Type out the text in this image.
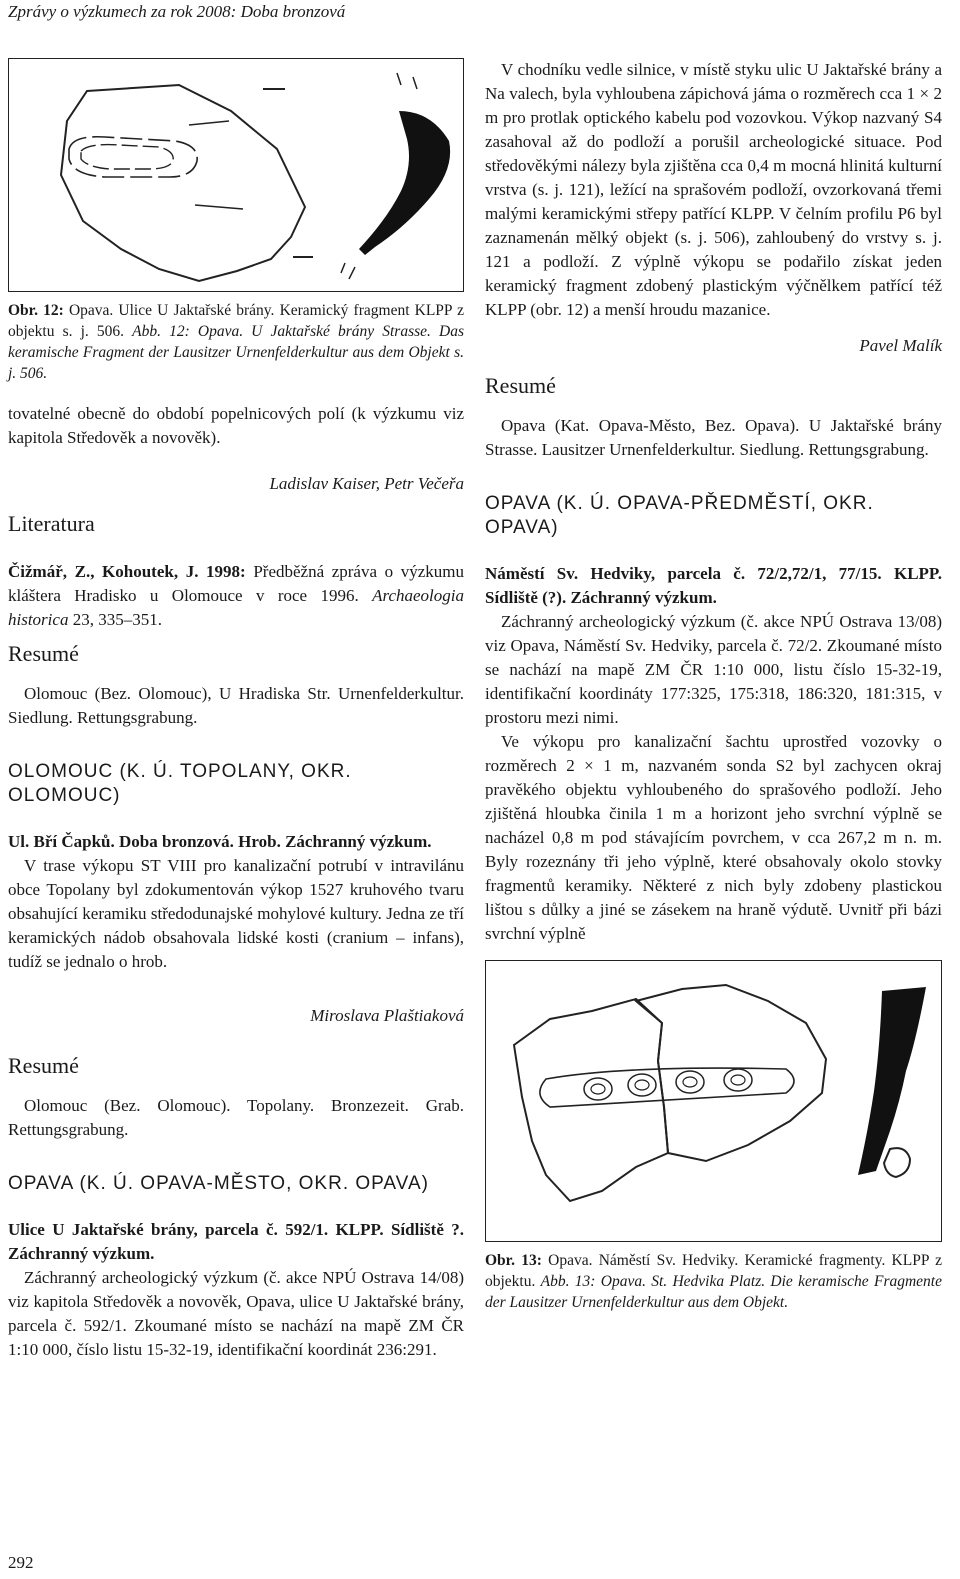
Zprávy o výzkumech za rok 2008: Doba bronzová

Obr. 12: Opava. Ulice U Jaktařské brány. Keramický fragment KLPP z objektu s. j. 506. Abb. 12: Opava. U Jaktařské brány Strasse. Das keramische Fragment der Lausitzer Urnenfelderkultur aus dem Objekt s. j. 506.

tovatelné obecně do období popelnicových polí (k výzkumu viz kapitola Středověk a novověk).

Ladislav Kaiser, Petr Večeřa

Literatura

Čižmář, Z., Kohoutek, J. 1998: Předběžná zpráva o výzkumu kláštera Hradisko u Olomouce v roce 1996. Archaeologia historica 23, 335–351.

Resumé

Olomouc (Bez. Olomouc), U Hradiska Str. Urnenfelderkultur. Siedlung. Rettungsgrabung.

OLOMOUC (K. Ú. TOPOLANY, OKR. OLOMOUC)

Ul. Bří Čapků. Doba bronzová. Hrob. Záchranný výzkum.

V trase výkopu ST VIII pro kanalizační potrubí v intravilánu obce Topolany byl zdokumentován výkop 1527 kruhového tvaru obsahující keramiku středodunajské mohylové kultury. Jedna ze tří keramických nádob obsahovala lidské kosti (cranium – infans), tudíž se jednalo o hrob.

Miroslava Plaštiaková

Resumé

Olomouc (Bez. Olomouc). Topolany. Bronzezeit. Grab. Rettungsgrabung.

OPAVA (K. Ú. OPAVA-MĚSTO, OKR. OPAVA)

Ulice U Jaktařské brány, parcela č. 592/1. KLPP. Sídliště ?. Záchranný výzkum.

Záchranný archeologický výzkum (č. akce NPÚ Ostrava 14/08) viz kapitola Středověk a novověk, Opava, ulice U Jaktařské brány, parcela č. 592/1. Zkoumané místo se nachází na mapě ZM ČR 1:10 000, číslo listu 15-32-19, identifikační koordinát 236:291.

V chodníku vedle silnice, v místě styku ulic U Jaktařské brány a Na valech, byla vyhloubena zápichová jáma o rozměrech cca 1 × 2 m pro protlak optického kabelu pod vozovkou. Výkop nazvaný S4 zasahoval až do podloží a porušil archeologické situace. Pod středověkými nálezy byla zjištěna cca 0,4 m mocná hlinitá kulturní vrstva (s. j. 121), ležící na sprašovém podloží, ovzorkovaná třemi malými keramickými střepy patřící KLPP. V čelním profilu P6 byl zaznamenán mělký objekt (s. j. 506), zahloubený do vrstvy s. j. 121 a podloží. Z výplně výkopu se podařilo získat jeden keramický fragment zdobený plastickým výčnělkem patřící též KLPP (obr. 12) a menší hroudu mazanice.

Pavel Malík

Resumé

Opava (Kat. Opava-Město, Bez. Opava). U Jaktařské brány Strasse. Lausitzer Urnenfelderkultur. Siedlung. Rettungsgrabung.

OPAVA (K. Ú. OPAVA-PŘEDMĚSTÍ, OKR. OPAVA)

Náměstí Sv. Hedviky, parcela č. 72/2,72/1, 77/15. KLPP. Sídliště (?). Záchranný výzkum.

Záchranný archeologický výzkum (č. akce NPÚ Ostrava 13/08) viz Opava, Náměstí Sv. Hedviky, parcela č. 72/2. Zkoumané místo se nachází na mapě ZM ČR 1:10 000, listu číslo 15-32-19, identifikační koordináty 177:325, 175:318, 186:320, 181:315, v prostoru mezi nimi.

Ve výkopu pro kanalizační šachtu uprostřed vozovky o rozměrech 2 × 1 m, nazvaném sonda S2 byl zachycen okraj pravěkého objektu vyhloubeného do sprašového podloží. Jeho zjištěná hloubka činila 1 m a horizont jeho svrchní výplně se nacházel 0,8 m pod stávajícím povrchem, v cca 267,2 m n. m. Byly rozeznány tři jeho výplně, které obsahovaly okolo stovky fragmentů keramiky. Některé z nich byly zdobeny plastickou lištou s důlky a jiné se zásekem na hraně výdutě. Uvnitř při bázi svrchní výplně

Obr. 13: Opava. Náměstí Sv. Hedviky. Keramické fragmenty. KLPP z objektu. Abb. 13: Opava. St. Hedvika Platz. Die keramische Fragmente der Lausitzer Urnenfelderkultur aus dem Objekt.

292
